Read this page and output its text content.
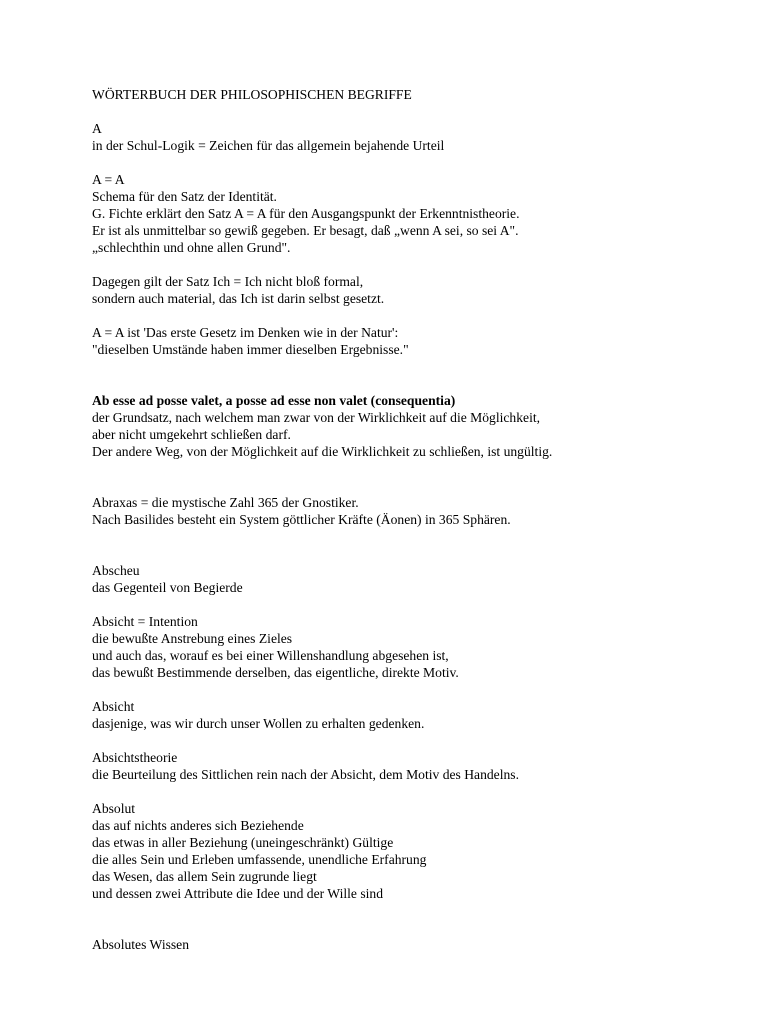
WÖRTERBUCH DER PHILOSOPHISCHEN BEGRIFFE
A
in der Schul-Logik = Zeichen für das allgemein bejahende Urteil
A = A
Schema für den Satz der Identität.
G. Fichte erklärt den Satz A = A für den Ausgangspunkt der Erkenntnistheorie.
Er ist als unmittelbar so gewiß gegeben. Er besagt, daß „wenn A sei, so sei A".
„schlechthin und ohne allen Grund".
Dagegen gilt der Satz Ich = Ich nicht bloß formal,
sondern auch material, das Ich ist darin selbst gesetzt.
A = A ist 'Das erste Gesetz im Denken wie in der Natur':
"dieselben Umstände haben immer dieselben Ergebnisse."
Ab esse ad posse valet, a posse ad esse non valet (consequentia)
der Grundsatz, nach welchem man zwar von der Wirklichkeit auf die Möglichkeit,
aber nicht umgekehrt schließen darf.
Der andere Weg, von der Möglichkeit auf die Wirklichkeit zu schließen, ist ungültig.
Abraxas = die mystische Zahl 365 der Gnostiker.
Nach Basilides besteht ein System göttlicher Kräfte (Äonen) in 365 Sphären.
Abscheu
das Gegenteil von Begierde
Absicht = Intention
die bewußte Anstrebung eines Zieles
und auch das, worauf es bei einer Willenshandlung abgesehen ist,
das bewußt Bestimmende derselben, das eigentliche, direkte Motiv.
Absicht
dasjenige, was wir durch unser Wollen zu erhalten gedenken.
Absichtstheorie
die Beurteilung des Sittlichen rein nach der Absicht, dem Motiv des Handelns.
Absolut
das auf nichts anderes sich Beziehende
das etwas in aller Beziehung (uneingeschränkt) Gültige
die alles Sein und Erleben umfassende, unendliche Erfahrung
das Wesen, das allem Sein zugrunde liegt
und dessen zwei Attribute die Idee und der Wille sind
Absolutes Wissen
